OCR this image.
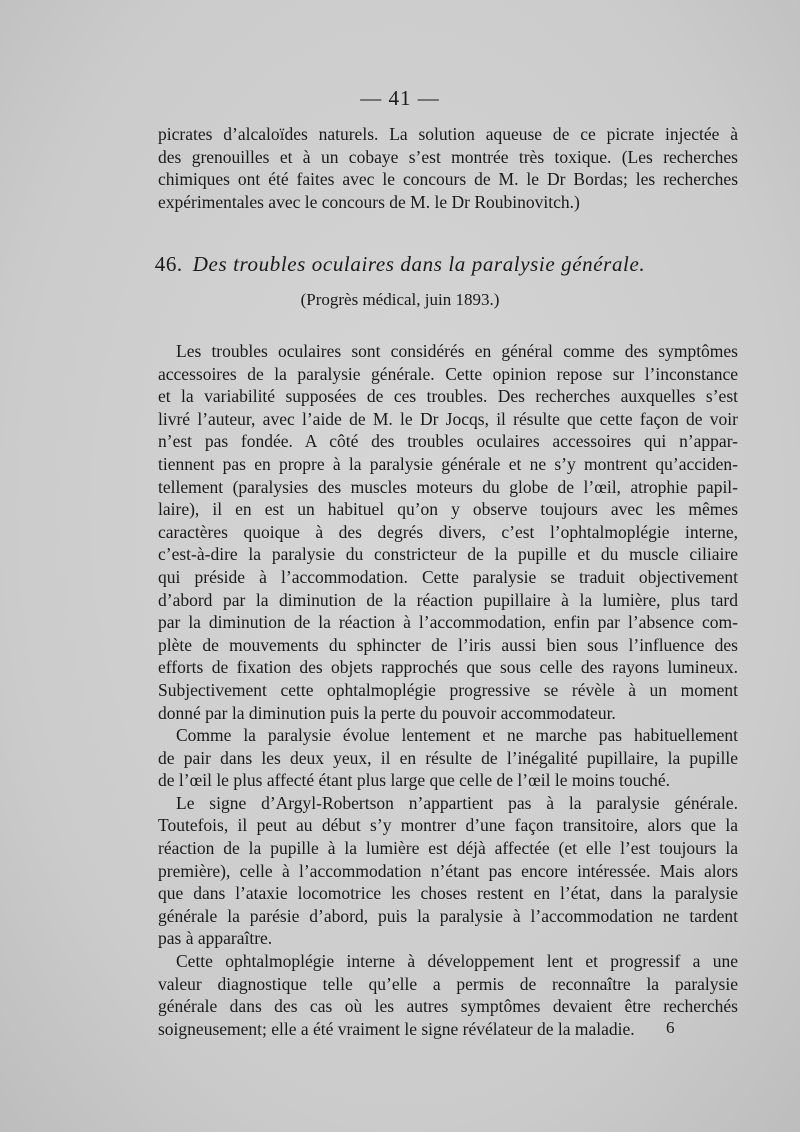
— 41 —
picrates d’alcaloïdes naturels. La solution aqueuse de ce picrate injectée à
des grenouilles et à un cobaye s’est montrée très toxique. (Les recherches
chimiques ont été faites avec le concours de M. le Dr Bordas; les recherches
expérimentales avec le concours de M. le Dr Roubinovitch.)
46. Des troubles oculaires dans la paralysie générale.
(Progrès médical, juin 1893.)
Les troubles oculaires sont considérés en général comme des symptômes
accessoires de la paralysie générale. Cette opinion repose sur l’inconstance
et la variabilité supposées de ces troubles. Des recherches auxquelles s’est
livré l’auteur, avec l’aide de M. le Dr Jocqs, il résulte que cette façon de voir
n’est pas fondée. A côté des troubles oculaires accessoires qui n’appar-
tiennent pas en propre à la paralysie générale et ne s’y montrent qu’acciden-
tellement (paralysies des muscles moteurs du globe de l’œil, atrophie papil-
laire), il en est un habituel qu’on y observe toujours avec les mêmes
caractères quoique à des degrés divers, c’est l’ophtalmoplégie interne,
c’est-à-dire la paralysie du constricteur de la pupille et du muscle ciliaire
qui préside à l’accommodation. Cette paralysie se traduit objectivement
d’abord par la diminution de la réaction pupillaire à la lumière, plus tard
par la diminution de la réaction à l’accommodation, enfin par l’absence com-
plète de mouvements du sphincter de l’iris aussi bien sous l’influence des
efforts de fixation des objets rapprochés que sous celle des rayons lumineux.
Subjectivement cette ophtalmoplégie progressive se révèle à un moment
donné par la diminution puis la perte du pouvoir accommodateur.
Comme la paralysie évolue lentement et ne marche pas habituellement
de pair dans les deux yeux, il en résulte de l’inégalité pupillaire, la pupille
de l’œil le plus affecté étant plus large que celle de l’œil le moins touché.
Le signe d’Argyl-Robertson n’appartient pas à la paralysie générale.
Toutefois, il peut au début s’y montrer d’une façon transitoire, alors que la
réaction de la pupille à la lumière est déjà affectée (et elle l’est toujours la
première), celle à l’accommodation n’étant pas encore intéressée. Mais alors
que dans l’ataxie locomotrice les choses restent en l’état, dans la paralysie
générale la parésie d’abord, puis la paralysie à l’accommodation ne tardent
pas à apparaître.
Cette ophtalmoplégie interne à développement lent et progressif a une
valeur diagnostique telle qu’elle a permis de reconnaître la paralysie
générale dans des cas où les autres symptômes devaient être recherchés
soigneusement; elle a été vraiment le signe révélateur de la maladie.	6
